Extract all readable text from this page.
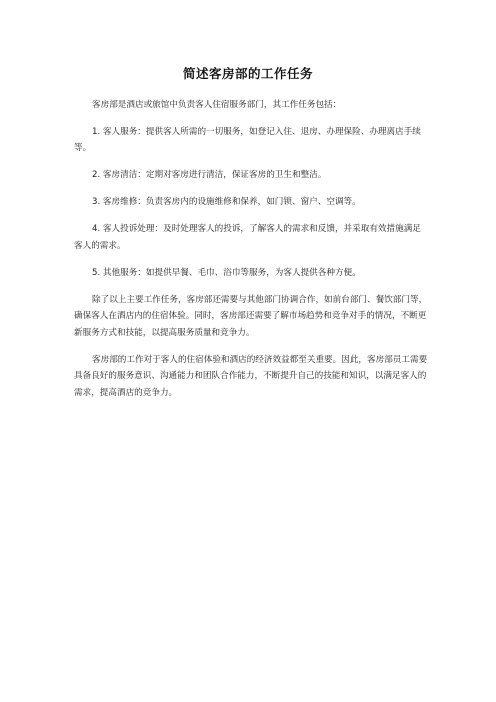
简述客房部的工作任务

客房部是酒店或旅馆中负责客人住宿服务部门，其工作任务包括：

1. 客人服务：提供客人所需的一切服务，如登记入住、退房、办理保险、办理离店手续等。

2. 客房清洁：定期对客房进行清洁，保证客房的卫生和整洁。

3. 客房维修：负责客房内的设施维修和保养，如门锁、窗户、空调等。

4. 客人投诉处理：及时处理客人的投诉，了解客人的需求和反馈，并采取有效措施满足客人的需求。

5. 其他服务：如提供早餐、毛巾、浴巾等服务，为客人提供各种方便。

除了以上主要工作任务，客房部还需要与其他部门协调合作，如前台部门、餐饮部门等，确保客人在酒店内的住宿体验。同时，客房部还需要了解市场趋势和竞争对手的情况，不断更新服务方式和技能，以提高服务质量和竞争力。

客房部的工作对于客人的住宿体验和酒店的经济效益都至关重要。因此，客房部员工需要具备良好的服务意识、沟通能力和团队合作能力，不断提升自己的技能和知识，以满足客人的需求，提高酒店的竞争力。
